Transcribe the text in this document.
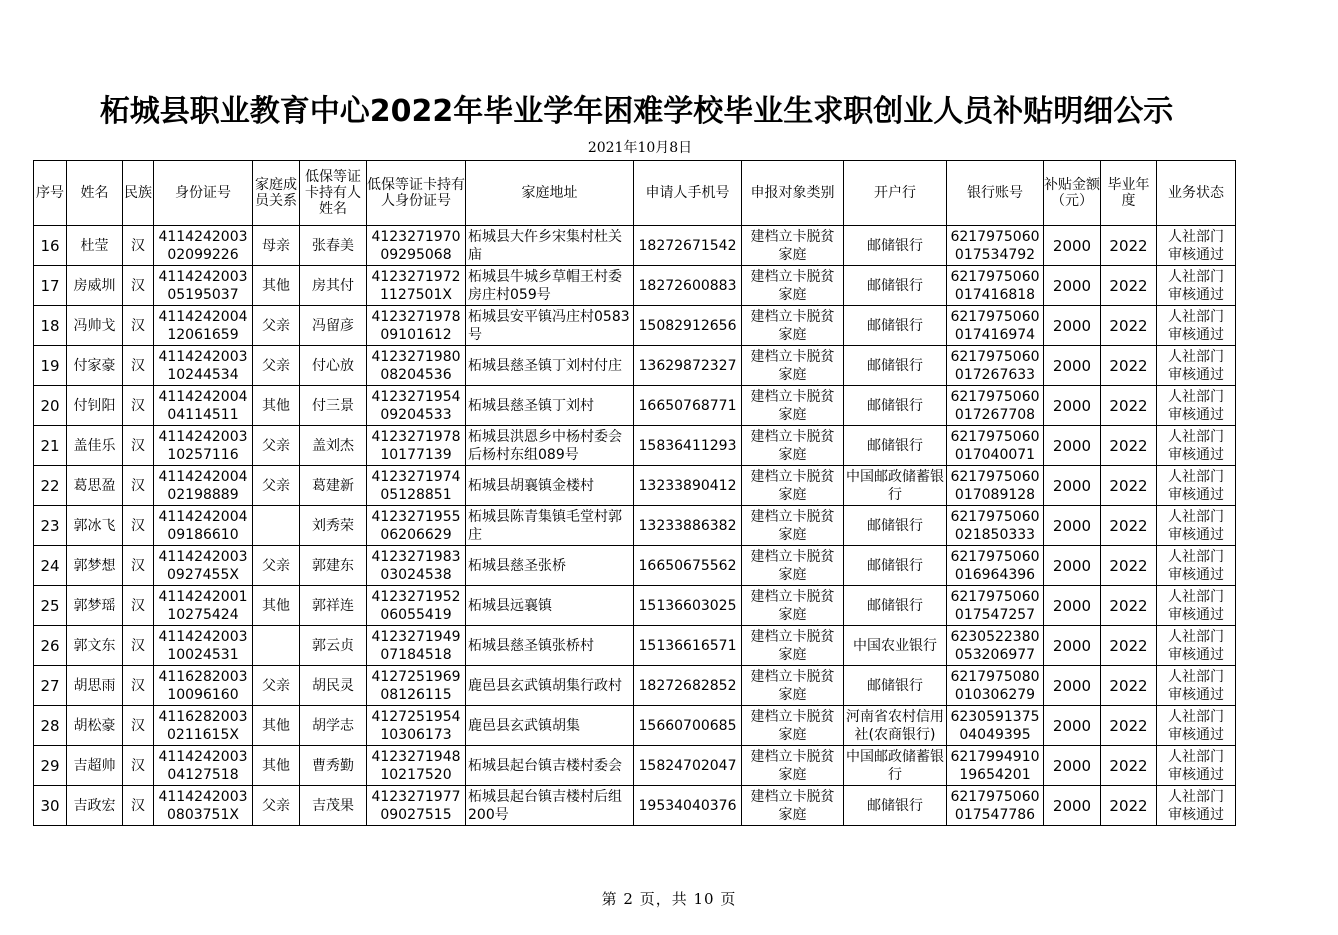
柘城县职业教育中心2022年毕业学年困难学校毕业生求职创业人员补贴明细公示
2021年10月8日
序号	姓名	民族	身份证号	家庭成员关系	低保等证卡持有人姓名	低保等证卡持有人身份证号	家庭地址	申请人手机号	申报对象类别	开户行	银行账号	补贴金额（元）	毕业年度	业务状态
16	杜莹	汉	4114242003
02099226	母亲	张春美	4123271970
09295068	柘城县大仵乡宋集村杜关庙	18272671542	建档立卡脱贫
家庭	邮储银行	6217975060
017534792	2000	2022	人社部门
审核通过

17	房威圳	汉	4114242003
05195037	其他	房其付	4123271972
1127501X	柘城县牛城乡草帽王村委房庄村059号	18272600883	建档立卡脱贫
家庭	邮储银行	6217975060
017416818	2000	2022	人社部门
审核通过

18	冯帅戈	汉	4114242004
12061659	父亲	冯留彦	4123271978
09101612	柘城县安平镇冯庄村0583号	15082912656	建档立卡脱贫
家庭	邮储银行	6217975060
017416974	2000	2022	人社部门
审核通过

19	付家豪	汉	4114242003
10244534	父亲	付心放	4123271980
08204536	柘城县慈圣镇丁刘村付庄	13629872327	建档立卡脱贫
家庭	邮储银行	6217975060
017267633	2000	2022	人社部门
审核通过

20	付钊阳	汉	4114242004
04114511	其他	付三景	4123271954
09204533	柘城县慈圣镇丁刘村	16650768771	建档立卡脱贫
家庭	邮储银行	6217975060
017267708	2000	2022	人社部门
审核通过

21	盖佳乐	汉	4114242003
10257116	父亲	盖刘杰	4123271978
10177139	柘城县洪恩乡中杨村委会后杨村东组089号	15836411293	建档立卡脱贫
家庭	邮储银行	6217975060
017040071	2000	2022	人社部门
审核通过

22	葛思盈	汉	4114242004
02198889	父亲	葛建新	4123271974
05128851	柘城县胡襄镇金楼村	13233890412	建档立卡脱贫
家庭	中国邮政储蓄银行	6217975060
017089128	2000	2022	人社部门
审核通过

23	郭冰飞	汉	4114242004
09186610		刘秀荣	4123271955
06206629	柘城县陈青集镇毛堂村郭庄	13233886382	建档立卡脱贫
家庭	邮储银行	6217975060
021850333	2000	2022	人社部门
审核通过

24	郭梦想	汉	4114242003
0927455X	父亲	郭建东	4123271983
03024538	柘城县慈圣张桥	16650675562	建档立卡脱贫
家庭	邮储银行	6217975060
016964396	2000	2022	人社部门
审核通过

25	郭梦瑶	汉	4114242001
10275424	其他	郭祥连	4123271952
06055419	柘城县远襄镇	15136603025	建档立卡脱贫
家庭	邮储银行	6217975060
017547257	2000	2022	人社部门
审核通过

26	郭文东	汉	4114242003
10024531		郭云贞	4123271949
07184518	柘城县慈圣镇张桥村	15136616571	建档立卡脱贫
家庭	中国农业银行	6230522380
053206977	2000	2022	人社部门
审核通过

27	胡思雨	汉	4116282003
10096160	父亲	胡民灵	4127251969
08126115	鹿邑县玄武镇胡集行政村	18272682852	建档立卡脱贫
家庭	邮储银行	6217975080
010306279	2000	2022	人社部门
审核通过

28	胡松豪	汉	4116282003
0211615X	其他	胡学志	4127251954
10306173	鹿邑县玄武镇胡集	15660700685	建档立卡脱贫
家庭	河南省农村信用社(农商银行)	6230591375
04049395	2000	2022	人社部门
审核通过

29	吉超帅	汉	4114242003
04127518	其他	曹秀勤	4123271948
10217520	柘城县起台镇吉楼村委会	15824702047	建档立卡脱贫
家庭	中国邮政储蓄银行	6217994910
19654201	2000	2022	人社部门
审核通过

30	吉政宏	汉	4114242003
0803751X	父亲	吉茂果	4123271977
09027515	柘城县起台镇吉楼村后组200号	19534040376	建档立卡脱贫
家庭	邮储银行	6217975060
017547786	2000	2022	人社部门
审核通过
第 2 页，共 10 页
